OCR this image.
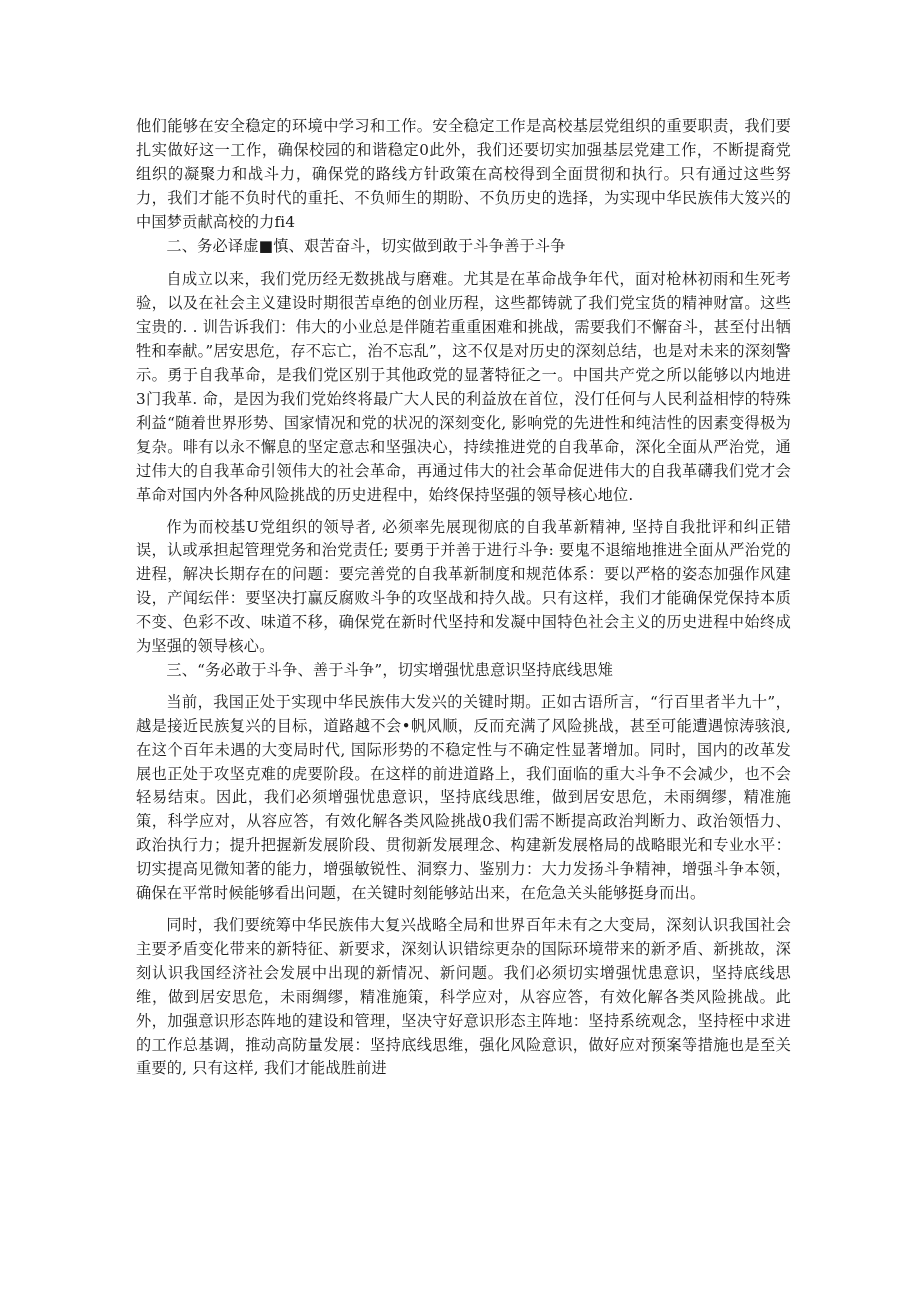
他们能够在安全稳定的环境中学习和工作。安全稳定工作是高校基层党组织的重要职责，我们要扎实做好这一工作，确保校园的和谐稳定0此外，我们还要切实加强基层党建工作，不断提裔党组织的凝聚力和战斗力，确保党的路线方针政策在高校得到全面贯彻和执行。只有通过这些努力，我们才能不负时代的重托、不负师生的期盼、不负历史的选择，为实现中华民族伟大笈兴的中国梦贡献高校的力fi4

二、务必译虚■慎、艰苦奋斗，切实做到敢于斗争善于斗争

自成立以来，我们党历经无数挑战与磨难。尤其是在革命战争年代，面对枪林初雨和生死考验，以及在社会主义建设时期很苦卓绝的创业历程，这些都铸就了我们党宝货的精神财富。这些宝贵的. . 训告诉我们：伟大的小业总是伴随若重重困难和挑战，需要我们不懈奋斗，甚至付出牺牲和奉献。”居安思危，存不忘亡，治不忘乱”，这不仅是对历史的深刻总结，也是对未来的深刻警示。勇于自我革命，是我们党区别于其他政党的显著特征之一。中国共产党之所以能够以内地进3门我革. 命，是因为我们党始终将最广大人民的利益放在首位，没仃任何与人民利益相悖的特殊利益“随着世界形势、国家情况和党的状况的深刻变化, 影响党的先进性和纯洁性的因素变得极为复杂。啡有以永不懈息的坚定意志和坚强决心，持续推进党的自我革命，深化全面从严治党，通过伟大的自我革命引领伟大的社会革命，再通过伟大的社会革命促进伟大的自我革礴我们党才会革命对国内外各种风险挑战的历史进程中，始终保持坚强的领导核心地位.

作为而校基U党组织的领导者, 必须率先展现彻底的自我革新精神, 坚持自我批评和纠正错误，认或承担起管理党务和治党责任; 要勇于并善于进行斗争: 要鬼不退缩地推进全面从严治党的进程，解决长期存在的问题：要完善党的自我革新制度和规范体系：要以严格的姿态加强作风建设，产闻纭伴：要坚决打赢反腐败斗争的攻坚战和持久战。只有这样，我们才能确保党保持本质不变、色彩不改、味道不移，确保党在新时代坚持和发凝中国特色社会主义的历史进程中始终成为坚强的领导核心。

三、“务必敢于斗争、善于斗争”，切实增强忧患意识坚持底线思雉

当前，我国正处于实现中华民族伟大发兴的关键时期。正如古语所言，“行百里者半九十”，越是接近民族复兴的目标，道路越不会•帆风顺，反而充满了风险挑战，甚至可能遭遇惊涛骇浪, 在这个百年未遇的大变局时代, 国际形势的不稳定性与不确定性显著增加。同时，国内的改革发展也正处于攻坚克难的虎要阶段。在这样的前进道路上，我们面临的重大斗争不会减少，也不会轻易结束。因此，我们必须增强忧患意识，坚持底线思维，做到居安思危，未雨绸缪，精准施策，科学应对，从容应答，有效化解各类风险挑战0我们需不断提高政治判断力、政治领悟力、政治执行力；提升把握新发展阶段、贯彻新发展理念、构建新发展格局的战略眼光和专业水平：切实提高见微知著的能力，增强敏锐性、洞察力、鉴别力：大力发扬斗争精神，增强斗争本领，确保在平常时候能够看出问题，在关键时刻能够站出来，在危急关头能够挺身而出。

同时，我们要统筹中华民族伟大复兴战略全局和世界百年未有之大变局，深刻认识我国社会主要矛盾变化带来的新特征、新要求，深刻认识错综更杂的国际环境带来的新矛盾、新挑故，深刻认识我国经济社会发展中出现的新情况、新问题。我们必须切实增强忧患意识，坚持底线思维，做到居安思危，未雨绸缪，精准施策，科学应对，从容应答，有效化解各类风险挑战。此外，加强意识形态阵地的建设和管理，坚决守好意识形态主阵地：坚持系统观念，坚持桎中求进的工作总基调，推动高防量发展：坚持底线思维，强化风险意识，做好应对预案等措施也是至关重要的, 只有这样, 我们才能战胜前进
